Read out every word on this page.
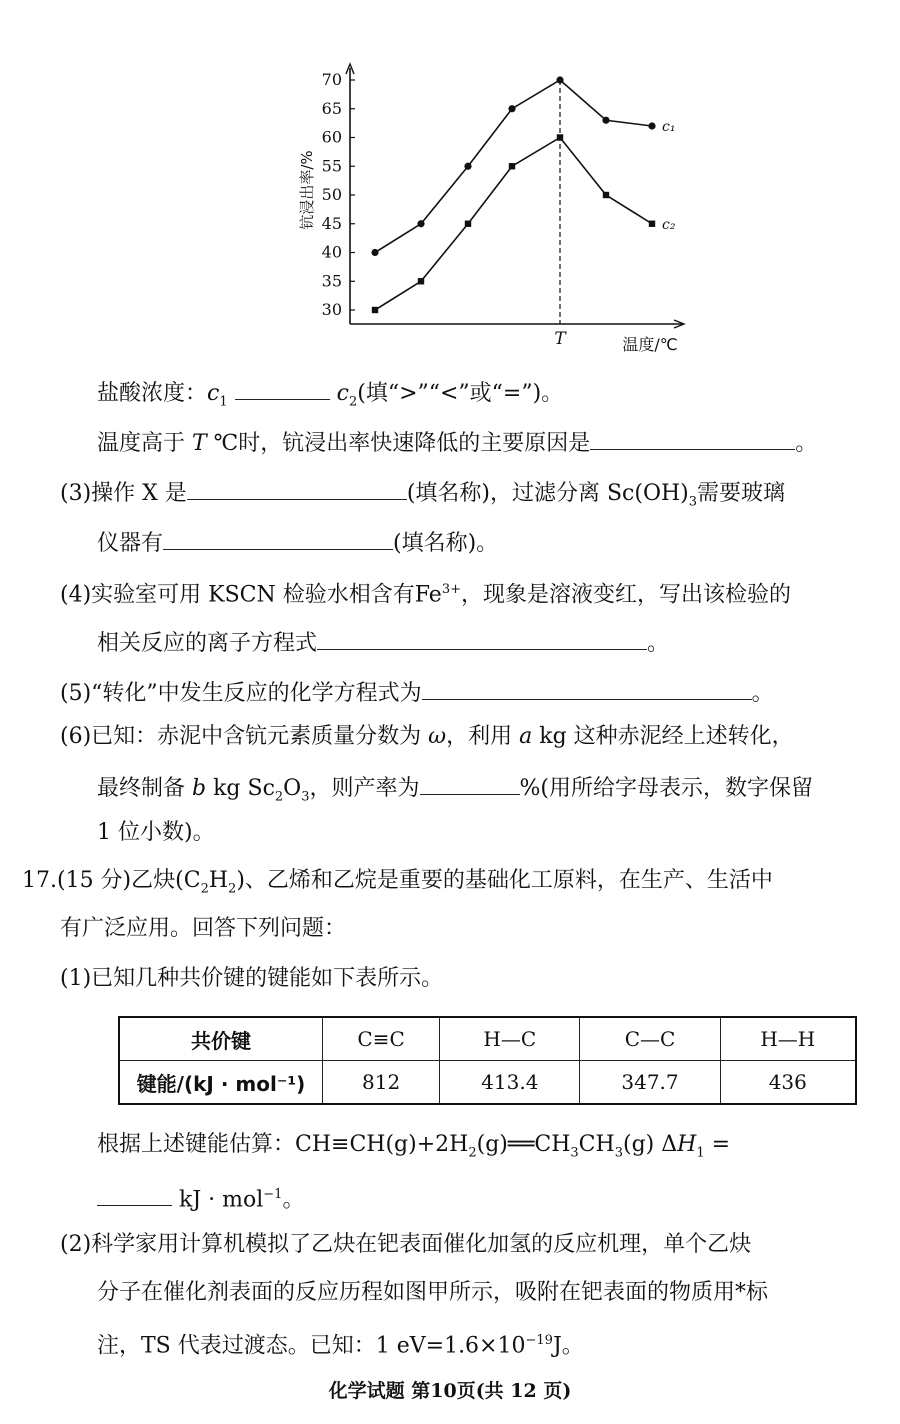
30
35
40
45
50
55
60
65
70
钪浸出率/%
温度/℃
T
c₁
c₂
盐酸浓度：$c_1$	$c_2$(填“>”“<”或“=”)。
温度高于 T ℃时，钪浸出率快速降低的主要原因是	。
(3)操作 X 是	(填名称)，过滤分离 $Sc(OH)_3$需要玻璃
仪器有	(填名称)。
(4)实验室可用 KSCN 检验水相含有$Fe^{3+}$，现象是溶液变红，写出该检验的
相关反应的离子方程式	。
(5)“转化”中发生反应的化学方程式为	。
(6)已知：赤泥中含钪元素质量分数为 ω，利用 a kg 这种赤泥经上述转化，
最终制备 b kg $Sc_2O_3$，则产率为	%(用所给字母表示，数字保留
1 位小数)。
17.(15 分)乙炔$(C_2H_2)$、乙烯和乙烷是重要的基础化工原料，在生产、生活中
有广泛应用。回答下列问题：
(1)已知几种共价键的键能如下表所示。
共价键	C≡C	H—C	C—C	H—H
键能/(kJ · mol⁻¹)	812	413.4	347.7	436
根据上述键能估算：$CH\equiv CH(g)+2H_2(g)══CH_3CH_3(g) \Delta H_1$ =
kJ · mol$^{-1}$。
(2)科学家用计算机模拟了乙炔在钯表面催化加氢的反应机理，单个乙炔
分子在催化剂表面的反应历程如图甲所示，吸附在钯表面的物质用*标
注，TS 代表过渡态。已知：1 $eV=1.6\times 10^{-19}J$。
化学试题 第10页(共 12 页)
